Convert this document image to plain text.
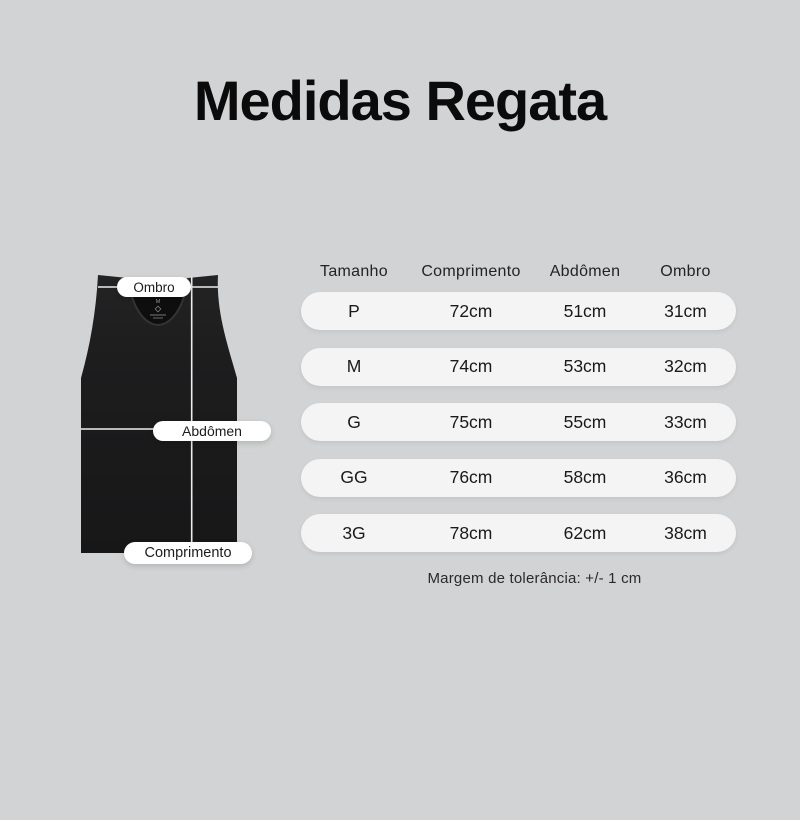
Medidas Regata
M
Ombro
Abdômen
Comprimento
Tamanho	Comprimento	Abdômen	Ombro
P	72cm	51cm	31cm
M	74cm	53cm	32cm
G	75cm	55cm	33cm
GG	76cm	58cm	36cm
3G	78cm	62cm	38cm
Margem de tolerância: +/- 1 cm
